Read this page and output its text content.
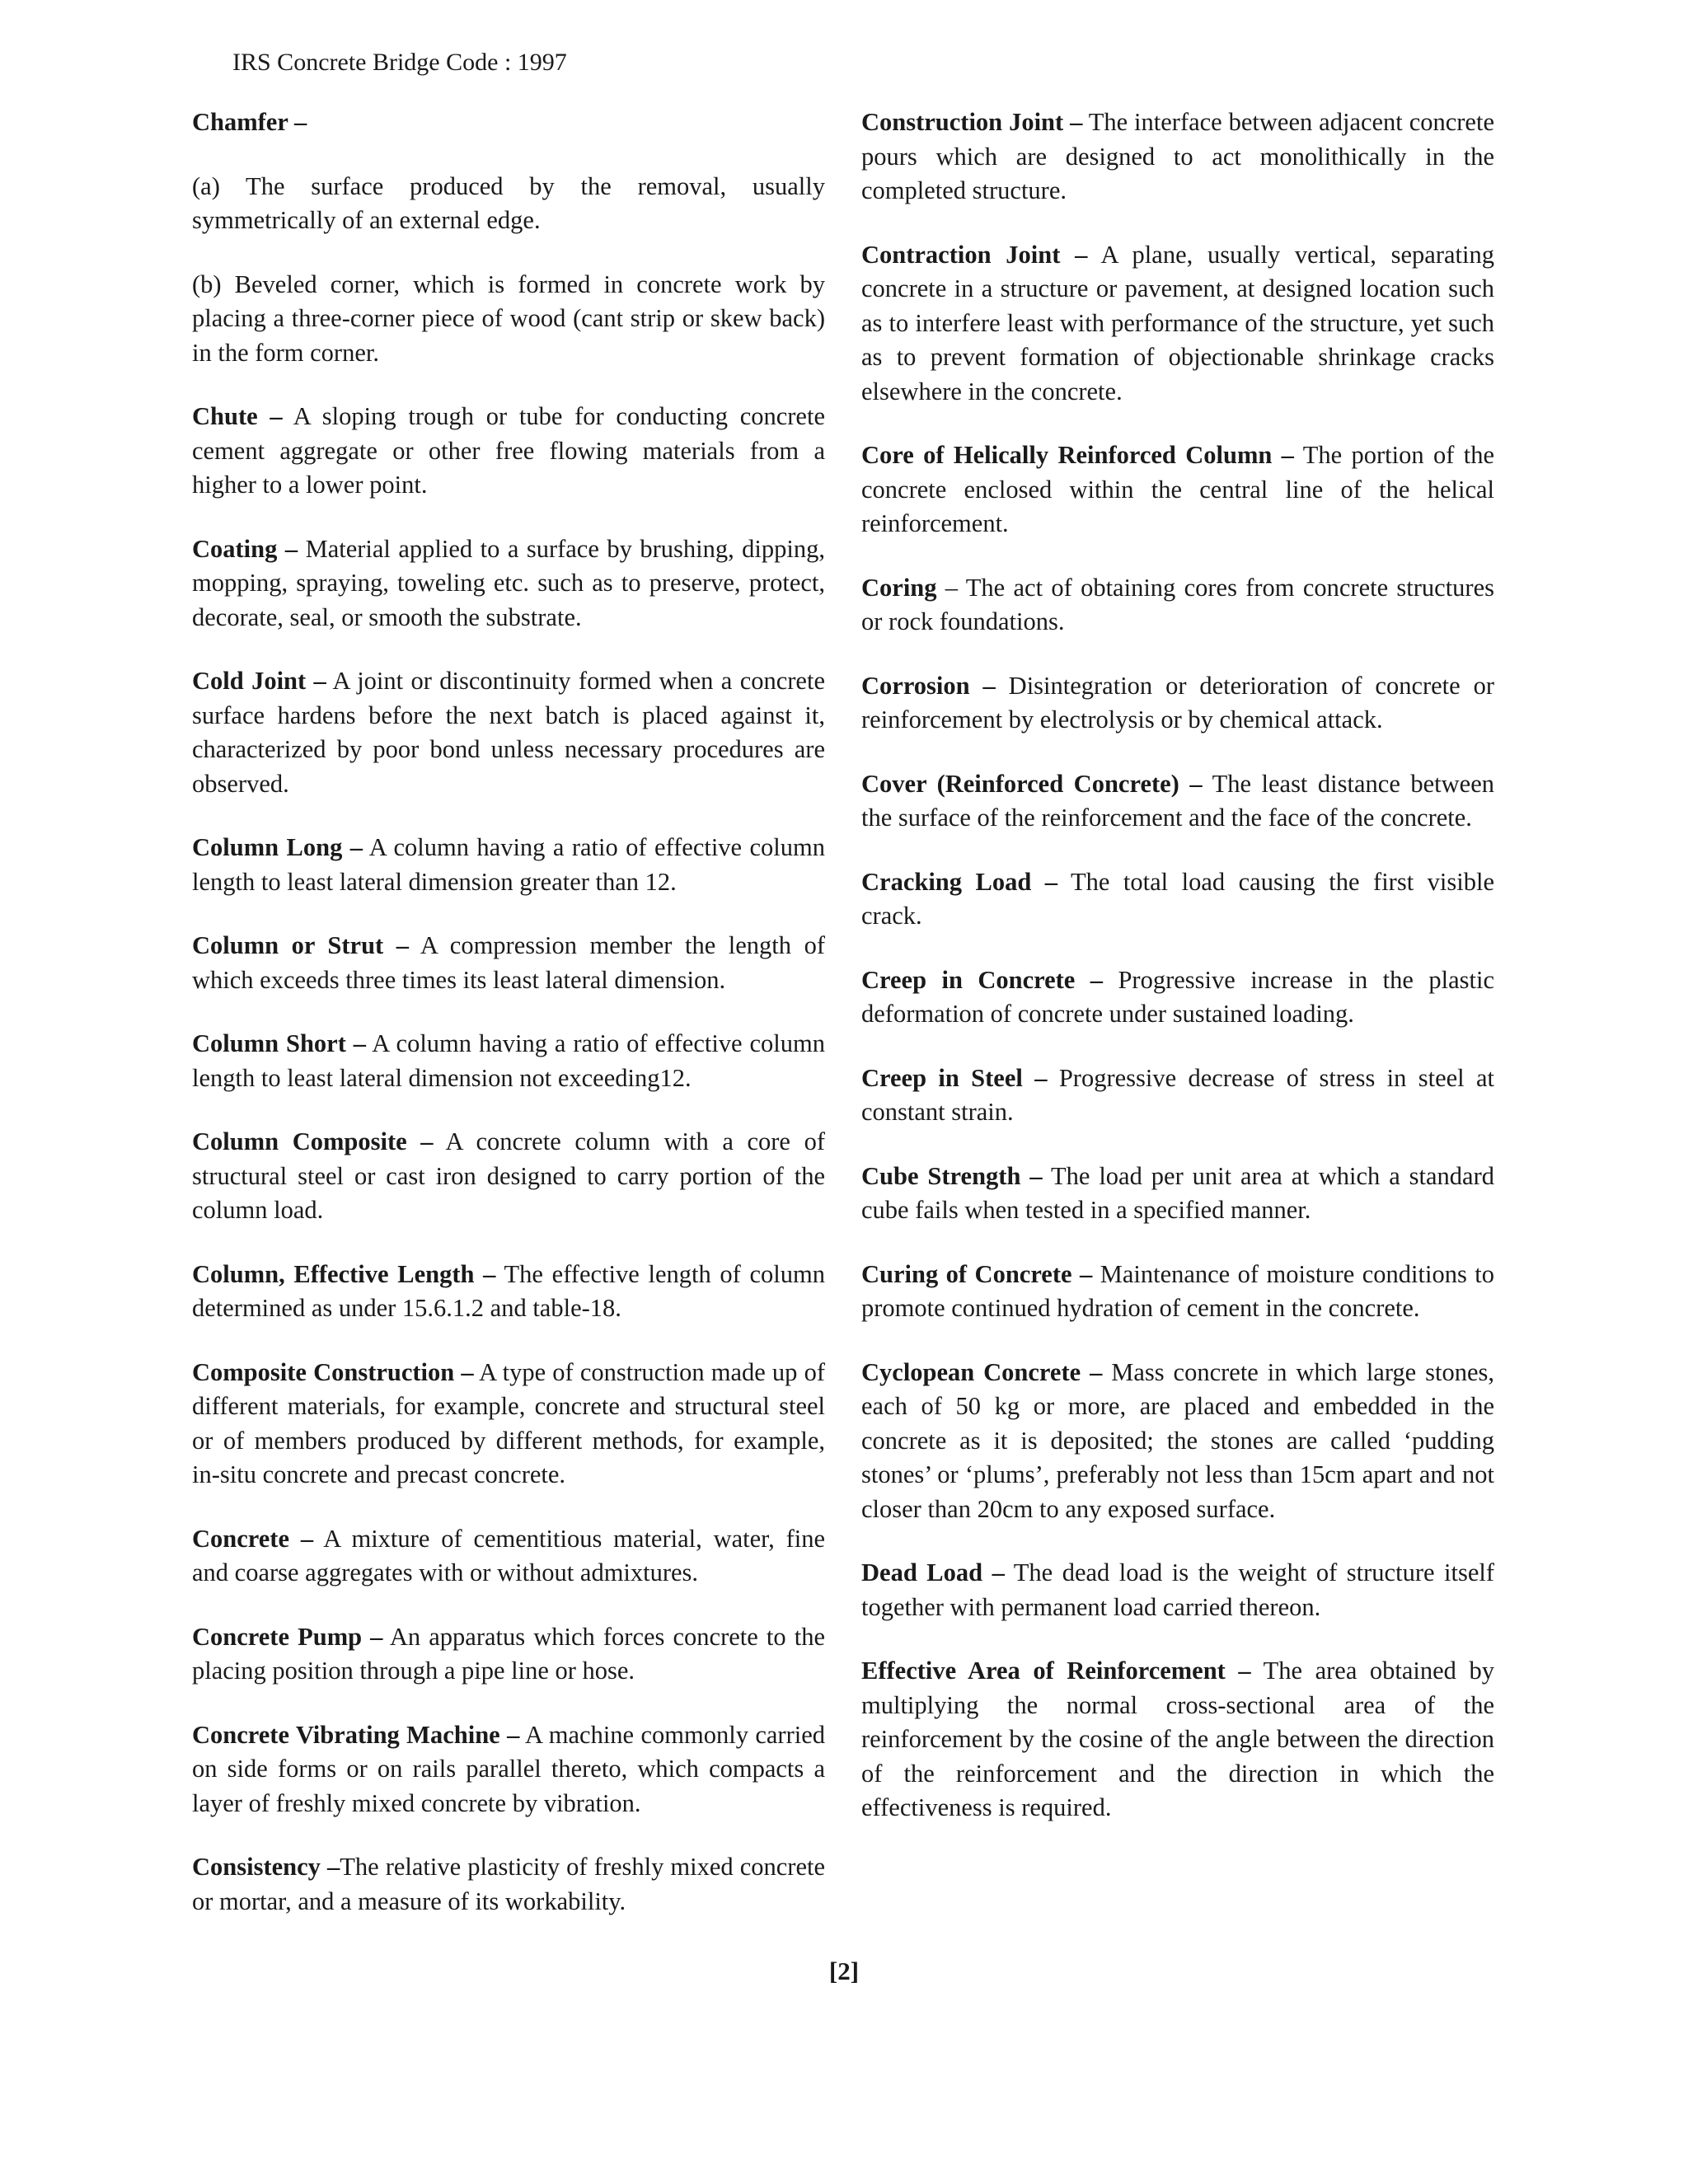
IRS Concrete Bridge Code : 1997

Chamfer –

(a) The surface produced by the removal, usually symmetrically of an external edge.

(b) Beveled corner, which is formed in concrete work by placing a three-corner piece of wood (cant strip or skew back) in the form corner.

Chute – A sloping trough or tube for conducting concrete cement aggregate or other free flowing materials from a higher to a lower point.

Coating – Material applied to a surface by brushing, dipping, mopping, spraying, toweling etc. such as to preserve, protect, decorate, seal, or smooth the substrate.

Cold Joint – A joint or discontinuity formed when a concrete surface hardens before the next batch is placed against it, characterized by poor bond unless necessary procedures are observed.

Column Long – A column having a ratio of effective column length to least lateral dimension greater than 12.

Column or Strut – A compression member the length of which exceeds three times its least lateral dimension.

Column Short – A column having a ratio of effective column length to least lateral dimension not exceeding12.

Column Composite – A concrete column with a core of structural steel or cast iron designed to carry portion of the column load.

Column, Effective Length – The effective length of column determined as under 15.6.1.2 and table-18.

Composite Construction – A type of construction made up of different materials, for example, concrete and structural steel or of members produced by different methods, for example, in-situ concrete and precast concrete.

Concrete – A mixture of cementitious material, water, fine and coarse aggregates with or without admixtures.

Concrete Pump – An apparatus which forces concrete to the placing position through a pipe line or hose.

Concrete Vibrating Machine – A machine commonly carried on side forms or on rails parallel thereto, which compacts a layer of freshly mixed concrete by vibration.

Consistency –The relative plasticity of freshly mixed concrete or mortar, and a measure of its workability.

Construction Joint – The interface between adjacent concrete pours which are designed to act monolithically in the completed structure.

Contraction Joint – A plane, usually vertical, separating concrete in a structure or pavement, at designed location such as to interfere least with performance of the structure, yet such as to prevent formation of objectionable shrinkage cracks elsewhere in the concrete.

Core of Helically Reinforced Column – The portion of the concrete enclosed within the central line of the helical reinforcement.

Coring – The act of obtaining cores from concrete structures or rock foundations.

Corrosion – Disintegration or deterioration of concrete or reinforcement by electrolysis or by chemical attack.

Cover (Reinforced Concrete) – The least distance between the surface of the reinforcement and the face of the concrete.

Cracking Load – The total load causing the first visible crack.

Creep in Concrete – Progressive increase in the plastic deformation of concrete under sustained loading.

Creep in Steel – Progressive decrease of stress in steel at constant strain.

Cube Strength – The load per unit area at which a standard cube fails when tested in a specified manner.

Curing of Concrete – Maintenance of moisture conditions to promote continued hydration of cement in the concrete.

Cyclopean Concrete – Mass concrete in which large stones, each of 50 kg or more, are placed and embedded in the concrete as it is deposited; the stones are called ‘pudding stones’ or ‘plums’, preferably not less than 15cm apart and not closer than 20cm to any exposed surface.

Dead Load – The dead load is the weight of structure itself together with permanent load carried thereon.

Effective Area of Reinforcement – The area obtained by multiplying the normal cross-sectional area of the reinforcement by the cosine of the angle between the direction of the reinforcement and the direction in which the effectiveness is required.

[2]
